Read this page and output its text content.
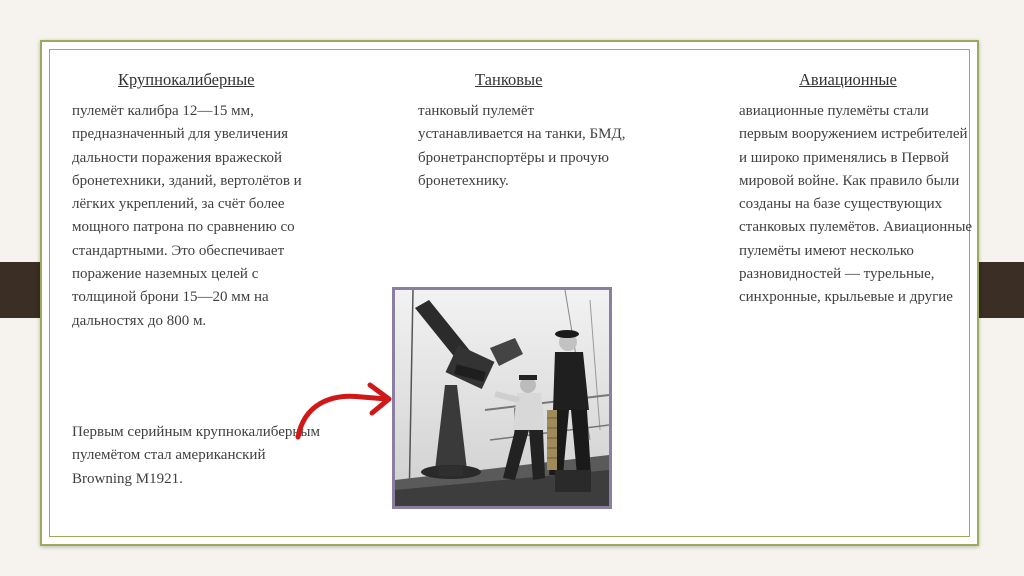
Крупнокалиберные

пулемёт калибра 12—15 мм, предназначенный для увеличения дальности поражения вражеской бронетехники, зданий, вертолётов и лёгких укреплений, за счёт более мощного патрона по сравнению со стандартными. Это обеспечивает поражение наземных целей с толщиной брони 15—20 мм на дальностях до 800 м.

Первым серийным крупнокалиберным пулемётом стал американский Browning M1921.

Танковые

танковый пулемёт устанавливается на танки, БМД, бронетранспортёры и прочую бронетехнику.

Авиационные

авиационные пулемёты стали первым вооружением истребителей и широко применялись в Первой мировой войне. Как правило были созданы на базе существующих станковых пулемётов. Авиационные пулемёты имеют несколько разновидностей — турельные, синхронные, крыльевые и другие
